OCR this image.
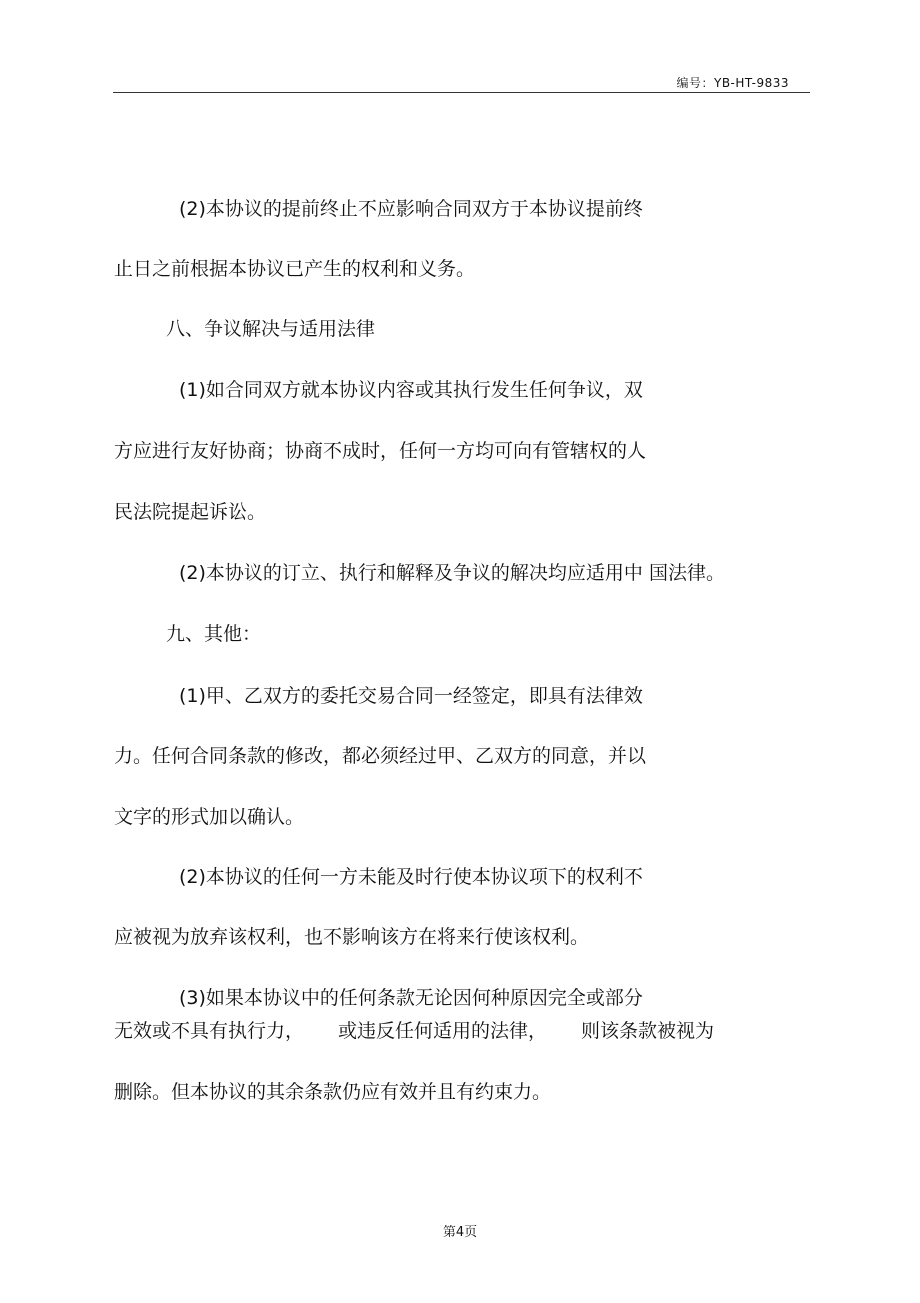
编号：YB-HT-9833
(2)本协议的提前终止不应影响合同双方于本协议提前终
止日之前根据本协议已产生的权利和义务。
八、争议解决与适用法律
(1)如合同双方就本协议内容或其执行发生任何争议，双
方应进行友好协商；协商不成时，任何一方均可向有管辖权的人
民法院提起诉讼。
(2)本协议的订立、执行和解释及争议的解决均应适用中 国法律。
九、其他：
(1)甲、乙双方的委托交易合同一经签定，即具有法律效
力。任何合同条款的修改，都必须经过甲、乙双方的同意，并以
文字的形式加以确认。
(2)本协议的任何一方未能及时行使本协议项下的权利不
应被视为放弃该权利，也不影响该方在将来行使该权利。
(3)如果本协议中的任何条款无论因何种原因完全或部分
无效或不具有执行力， 或违反任何适用的法律， 则该条款被视为
删除。但本协议的其余条款仍应有效并且有约束力。
第4页
